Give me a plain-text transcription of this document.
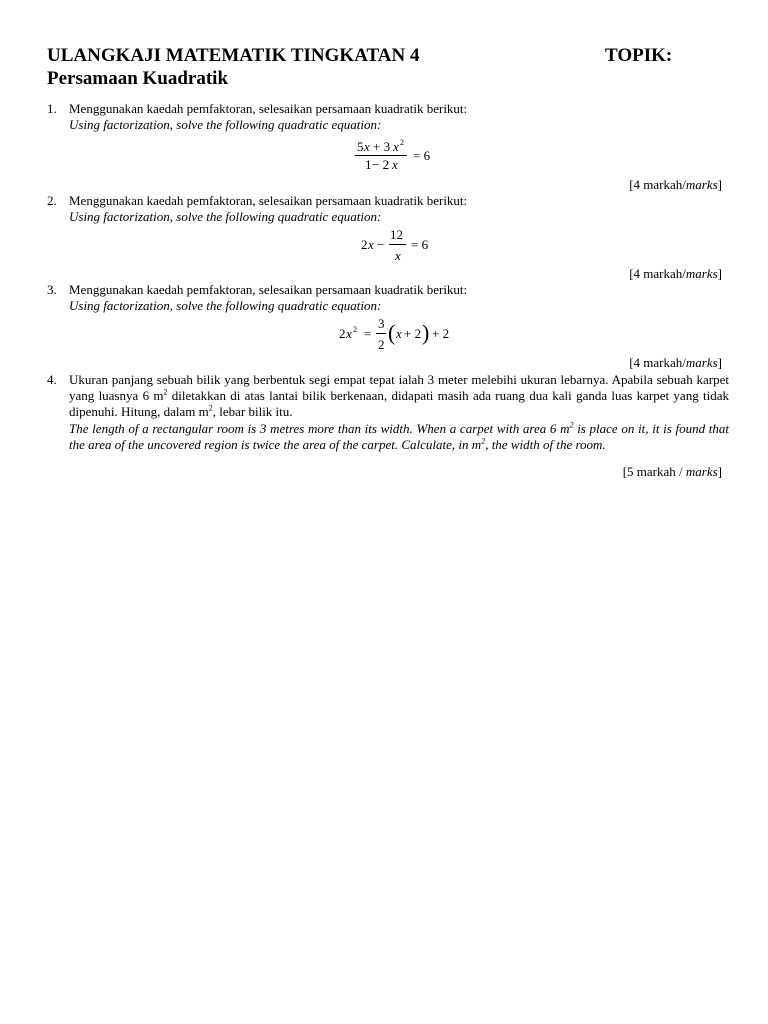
ULANGKAJI MATEMATIK TINGKATAN 4	TOPIK:
Persamaan Kuadratik
1. Menggunakan kaedah pemfaktoran, selesaikan persamaan kuadratik berikut:
Using factorization, solve the following quadratic equation:
5 x + 3 x 2
1 − 2 x
= 6
[4 markah/marks]
2. Menggunakan kaedah pemfaktoran, selesaikan persamaan kuadratik berikut:
Using factorization, solve the following quadratic equation:
2 x −
12
x
= 6
[4 markah/marks]
3. Menggunakan kaedah pemfaktoran, selesaikan persamaan kuadratik berikut:
Using factorization, solve the following quadratic equation:
2 x 2 =
3
2 ( x + 2 ) + 2
[4 markah/marks]
4. Ukuran panjang sebuah bilik yang berbentuk segi empat tepat ialah 3 meter melebihi ukuran lebarnya. Apabila sebuah karpet yang luasnya 6 $m^2$ diletakkan di atas lantai bilik berkenaan, didapati masih ada ruang dua kali ganda luas karpet yang tidak dipenuhi. Hitung, dalam $m^2$, lebar bilik itu.
The length of a rectangular room is 3 metres more than its width. When a carpet with area 6 $m^2$ is place on it, it is found that the area of the uncovered region is twice the area of the carpet. Calculate, in $m^2$, the width of the room.
[5 markah / marks]
